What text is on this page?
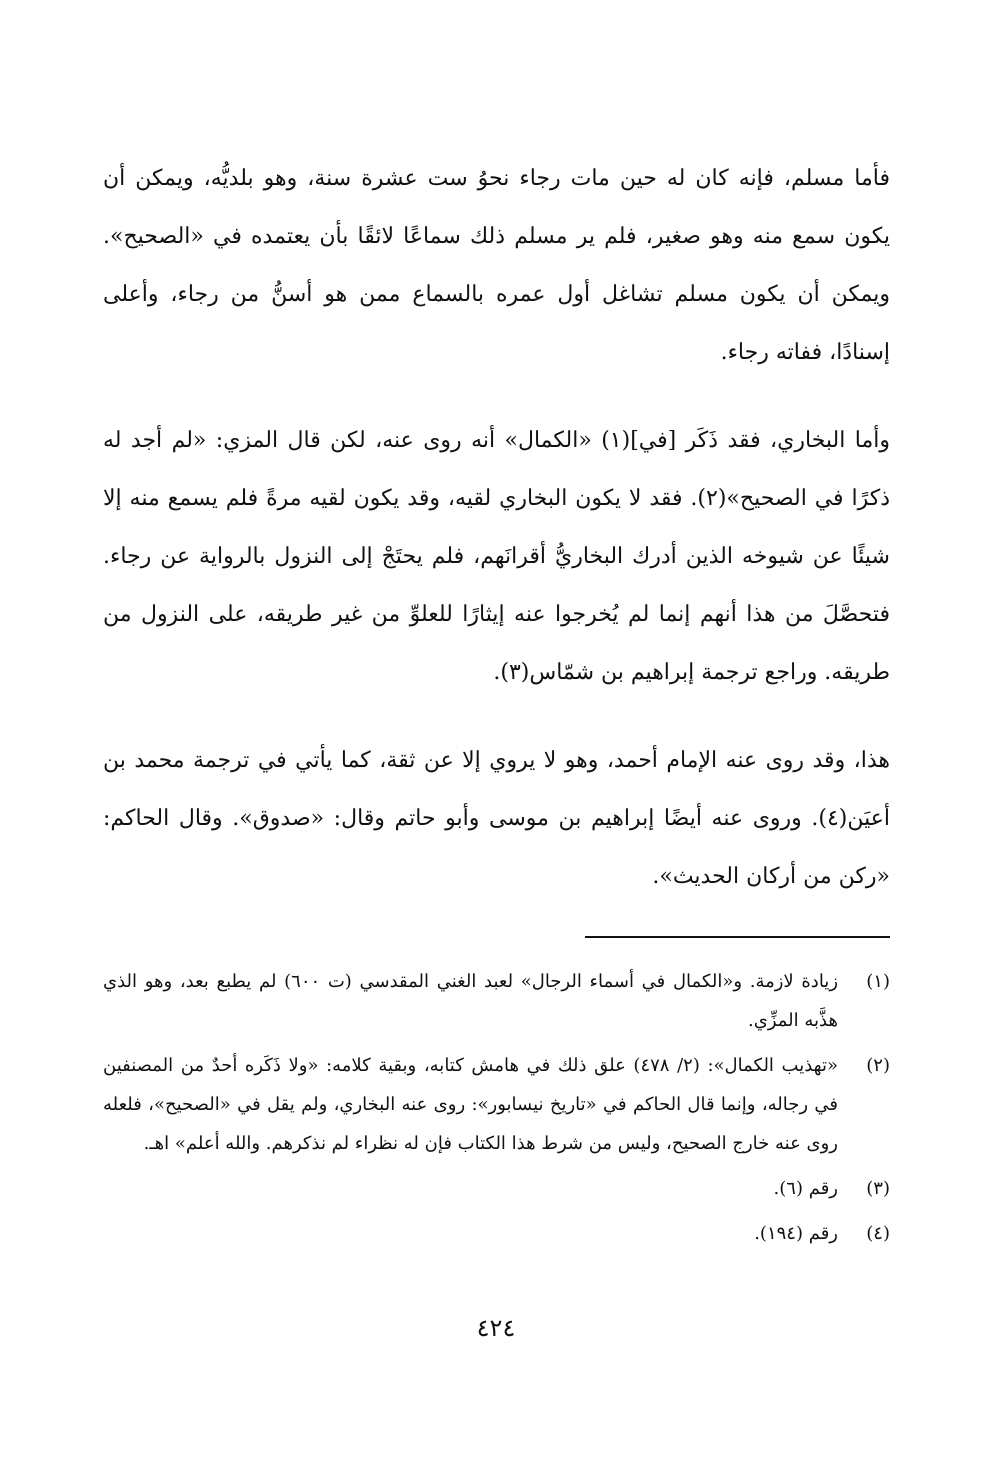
فأما مسلم، فإنه كان له حين مات رجاء نحوُ ست عشرة سنة، وهو بلديُّه، ويمكن أن يكون سمع منه وهو صغير، فلم ير مسلم ذلك سماعًا لائقًا بأن يعتمده في «الصحيح». ويمكن أن يكون مسلم تشاغل أول عمره بالسماع ممن هو أسنُّ من رجاء، وأعلى إسنادًا، ففاته رجاء.

وأما البخاري، فقد ذَكَر [في](١) «الكمال» أنه روى عنه، لكن قال المزي: «لم أجد له ذكرًا في الصحيح»(٢). فقد لا يكون البخاري لقيه، وقد يكون لقيه مرةً فلم يسمع منه إلا شيئًا عن شيوخه الذين أدرك البخاريُّ أقرانَهم، فلم يحتَجْ إلى النزول بالرواية عن رجاء. فتحصَّلَ من هذا أنهم إنما لم يُخرجوا عنه إيثارًا للعلوِّ من غير طريقه، على النزول من طريقه. وراجع ترجمة إبراهيم بن شمّاس(٣).

هذا، وقد روى عنه الإمام أحمد، وهو لا يروي إلا عن ثقة، كما يأتي في ترجمة محمد بن أعيَن(٤). وروى عنه أيضًا إبراهيم بن موسى وأبو حاتم وقال: «صدوق». وقال الحاكم: «ركن من أركان الحديث».

(١)
زيادة لازمة. و«الكمال في أسماء الرجال» لعبد الغني المقدسي (ت ٦٠٠) لم يطبع بعد، وهو الذي هذَّبه المزِّي.
(٢)
«تهذيب الكمال»: (٢/ ٤٧٨) علق ذلك في هامش كتابه، وبقية كلامه: «ولا ذَكَره أحدٌ من المصنفين في رجاله، وإنما قال الحاكم في «تاريخ نيسابور»: روى عنه البخاري، ولم يقل في «الصحيح»، فلعله روى عنه خارج الصحيح، وليس من شرط هذا الكتاب فإن له نظراء لم نذكرهم. والله أعلم» اهـ.
(٣)
رقم (٦).
(٤)
رقم (١٩٤).
٤٢٤
